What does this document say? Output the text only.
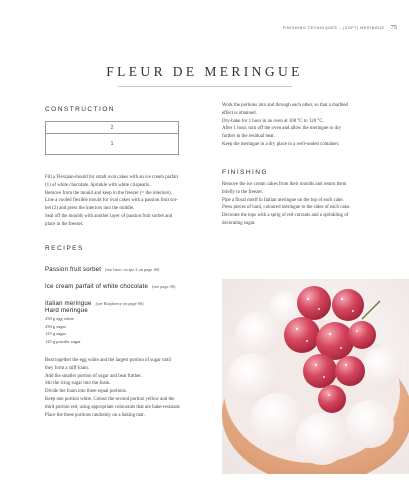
FINISHING TECHNIQUES – (SOFT) MERINGUE 75
FLEUR DE MERINGUE
CONSTRUCTION
2
1

Fill a Flexipan-mould for small oval cakes with an ice cream parfait

(1) of white chocolate. Sprinkle with white crispearls.

Remove from the mould and keep in the freezer (= the interiors).

Line a cooled flexible mould for oval cakes with a passion fruit sor-

bet (2) and press the interiors into the middle.

Seal off the moulds with another layer of passion fruit sorbet and

place in the freezer.

Work the portions into and through each other, so that a marbled

effect is obtained.

Dry-bake for 1 hour in an oven at 100 °C to 120 °C.

After 1 hour, turn off the oven and allow the meringue to dry

further in the residual heat.

Keep the meringue in a dry place in a well-sealed container.

FINISHING

Remove the ice cream cakes from their moulds and return them

briefly to the freezer.

Pipe a floral motif in Italian meringue on the top of each cake.

Press pieces of hard, coloured meringue to the sides of each cake.

Decorate the tops with a sprig of red currants and a sprinkling of

decorating sugar.

RECIPES
Passion fruit sorbet (see basic recipe 2 on page 48)
Ice cream parfait of white chocolate (see page 58)
Italian meringue (see Raspberry on page 66)
Hard meringue

250 g egg white

250 g sugar

125 g sugar

125 g powder sugar

Beat together the egg white and the largest portion of sugar until

they form a stiff foam.

Add the smaller portion of sugar and beat further.

Stir the icing sugar into the foam.

Divide the foam into three equal portions.

Keep one portion white. Colour the second portion yellow and the

third portion red, using appropriate colourants that are bake-resistant.

Place the three portions randomly on a baking mat.
